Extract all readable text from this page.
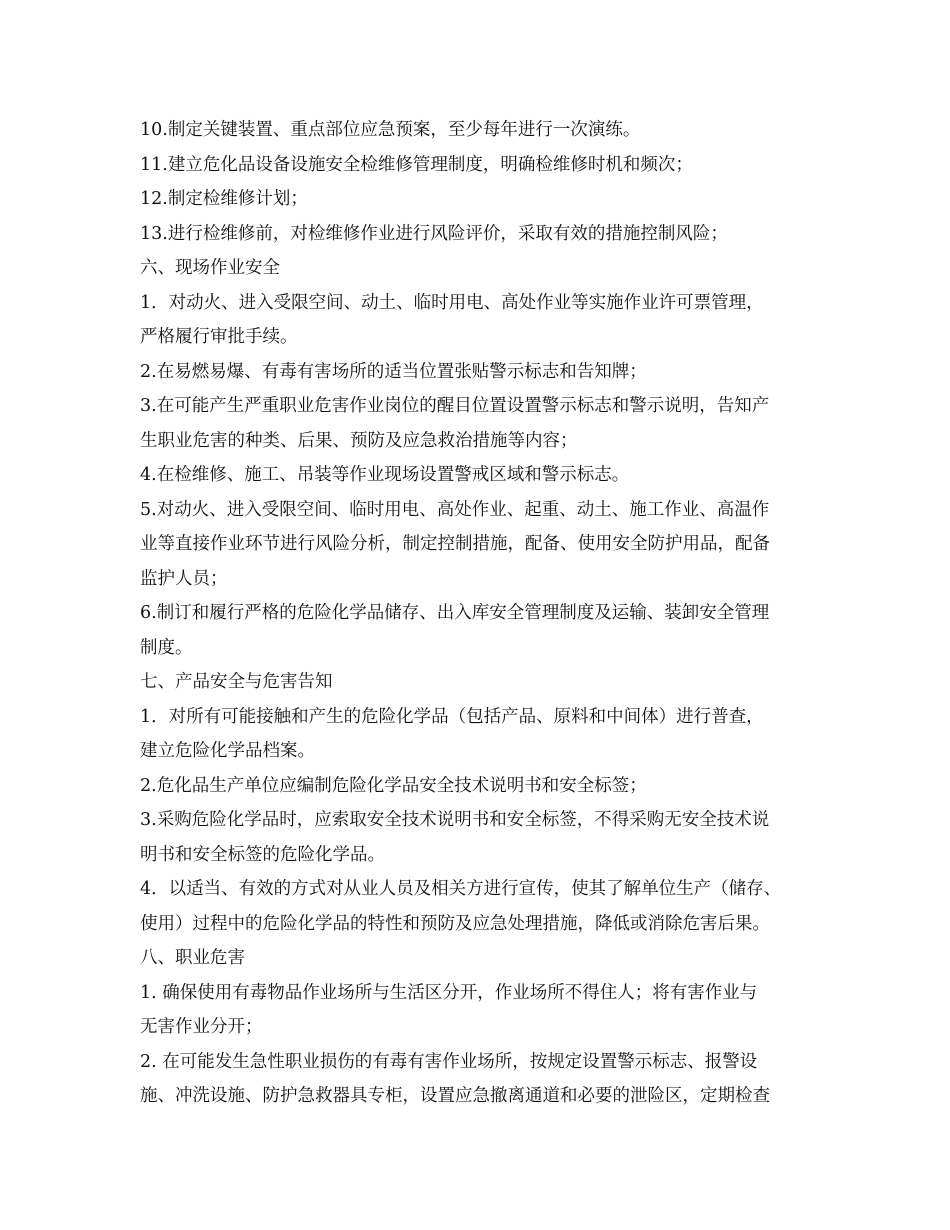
10.制定关键装置、重点部位应急预案，至少每年进行一次演练。
11.建立危化品设备设施安全检维修管理制度，明确检维修时机和频次；
12.制定检维修计划；
13.进行检维修前，对检维修作业进行风险评价，采取有效的措施控制风险；
六、现场作业安全
1．对动火、进入受限空间、动土、临时用电、高处作业等实施作业许可票管理，
严格履行审批手续。
2.在易燃易爆、有毒有害场所的适当位置张贴警示标志和告知牌；
3.在可能产生严重职业危害作业岗位的醒目位置设置警示标志和警示说明，告知产
生职业危害的种类、后果、预防及应急救治措施等内容；
4.在检维修、施工、吊装等作业现场设置警戒区域和警示标志。
5.对动火、进入受限空间、临时用电、高处作业、起重、动土、施工作业、高温作
业等直接作业环节进行风险分析，制定控制措施，配备、使用安全防护用品，配备
监护人员；
6.制订和履行严格的危险化学品储存、出入库安全管理制度及运输、装卸安全管理
制度。
七、产品安全与危害告知
1．对所有可能接触和产生的危险化学品（包括产品、原料和中间体）进行普查，
建立危险化学品档案。
2.危化品生产单位应编制危险化学品安全技术说明书和安全标签；
3.采购危险化学品时，应索取安全技术说明书和安全标签，不得采购无安全技术说
明书和安全标签的危险化学品。
4．以适当、有效的方式对从业人员及相关方进行宣传，使其了解单位生产（储存、
使用）过程中的危险化学品的特性和预防及应急处理措施，降低或消除危害后果。
八、职业危害
1. 确保使用有毒物品作业场所与生活区分开，作业场所不得住人；将有害作业与
无害作业分开；
2. 在可能发生急性职业损伤的有毒有害作业场所，按规定设置警示标志、报警设
施、冲洗设施、防护急救器具专柜，设置应急撤离通道和必要的泄险区，定期检查
